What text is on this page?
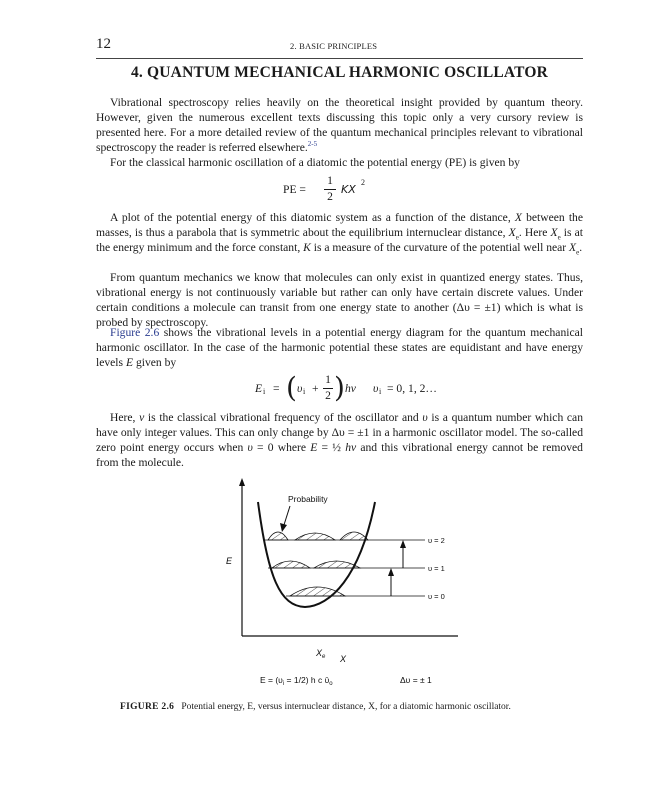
12	2. BASIC PRINCIPLES
4. QUANTUM MECHANICAL HARMONIC OSCILLATOR

Vibrational spectroscopy relies heavily on the theoretical insight provided by quantum theory. However, given the numerous excellent texts discussing this topic only a very cursory review is presented here. For a more detailed review of the quantum mechanical principles relevant to vibrational spectroscopy the reader is referred elsewhere.$^{2-5}$

For the classical harmonic oscillation of a diatomic the potential energy (PE) is given by

PE =
1
2
KX
2

A plot of the potential energy of this diatomic system as a function of the distance, X between the masses, is thus a parabola that is symmetric about the equilibrium internuclear distance, $X_e$. Here $X_e$ is at the energy minimum and the force constant, K is a measure of the curvature of the potential well near $X_e$.

From quantum mechanics we know that molecules can only exist in quantized energy states. Thus, vibrational energy is not continuously variable but rather can only have certain discrete values. Under certain conditions a molecule can transit from one energy state to another (Δυ = ±1) which is what is probed by spectroscopy.

Figure 2.6 shows the vibrational levels in a potential energy diagram for the quantum mechanical harmonic oscillator. In the case of the harmonic potential these states are equidistant and have energy levels E given by

E i = ( υ i +
1
2 ) hν υ i = 0, 1, 2…

Here, ν is the classical vibrational frequency of the oscillator and υ is a quantum number which can have only integer values. This can only change by Δυ = ±1 in a harmonic oscillator model. The so-called zero point energy occurs when υ = 0 where E = ½ hν and this vibrational energy cannot be removed from the molecule.

Probability
E
υ = 2
υ = 1
υ = 0
$X_e$ X
$E = (\upsilon_i = 1/2)$ h c ῡ$_o$	Δυ = ± 1
FIGURE 2.6 Potential energy, E, versus internuclear distance, X, for a diatomic harmonic oscillator.
